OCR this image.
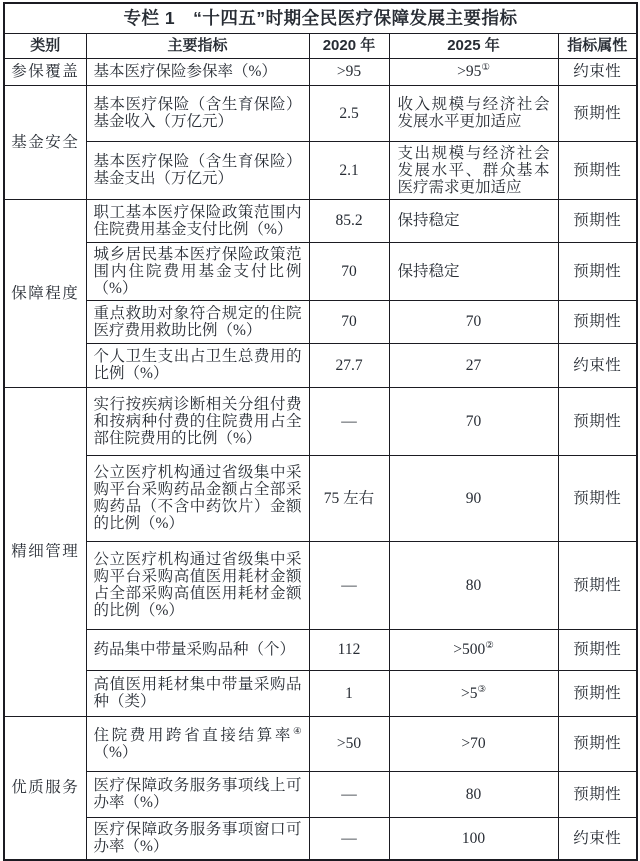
专栏 1　“十四五”时期全民医疗保障发展主要指标				
类别	主要指标	2020 年	2025 年	指标属性
参保覆盖	基本医疗保险参保率（%）	>95	>95①	约束性
基金安全	基本医疗保险（含生育保险）基金收入（万亿元）	2.5	收入规模与经济社会发展水平更加适应	预期性
	基本医疗保险（含生育保险）基金支出（万亿元）	2.1	支出规模与经济社会发展水平、群众基本医疗需求更加适应	预期性
保障程度	职工基本医疗保险政策范围内住院费用基金支付比例（%）	85.2	保持稳定	预期性
	城乡居民基本医疗保险政策范围内住院费用基金支付比例（%）	70	保持稳定	预期性
	重点救助对象符合规定的住院医疗费用救助比例（%）	70	70	预期性
	个人卫生支出占卫生总费用的比例（%）	27.7	27	约束性
精细管理	实行按疾病诊断相关分组付费和按病种付费的住院费用占全部住院费用的比例（%）	—	70	预期性
	公立医疗机构通过省级集中采购平台采购药品金额占全部采购药品（不含中药饮片）金额的比例（%）	75 左右	90	预期性
	公立医疗机构通过省级集中采购平台采购高值医用耗材金额占全部采购高值医用耗材金额的比例（%）	—	80	预期性
	药品集中带量采购品种（个）	112	>500②	预期性
	高值医用耗材集中带量采购品种（类）	1	>5③	预期性
优质服务	住院费用跨省直接结算率④（%）	>50	>70	预期性
	医疗保障政务服务事项线上可办率（%）	—	80	预期性
	医疗保障政务服务事项窗口可办率（%）	—	100	约束性
